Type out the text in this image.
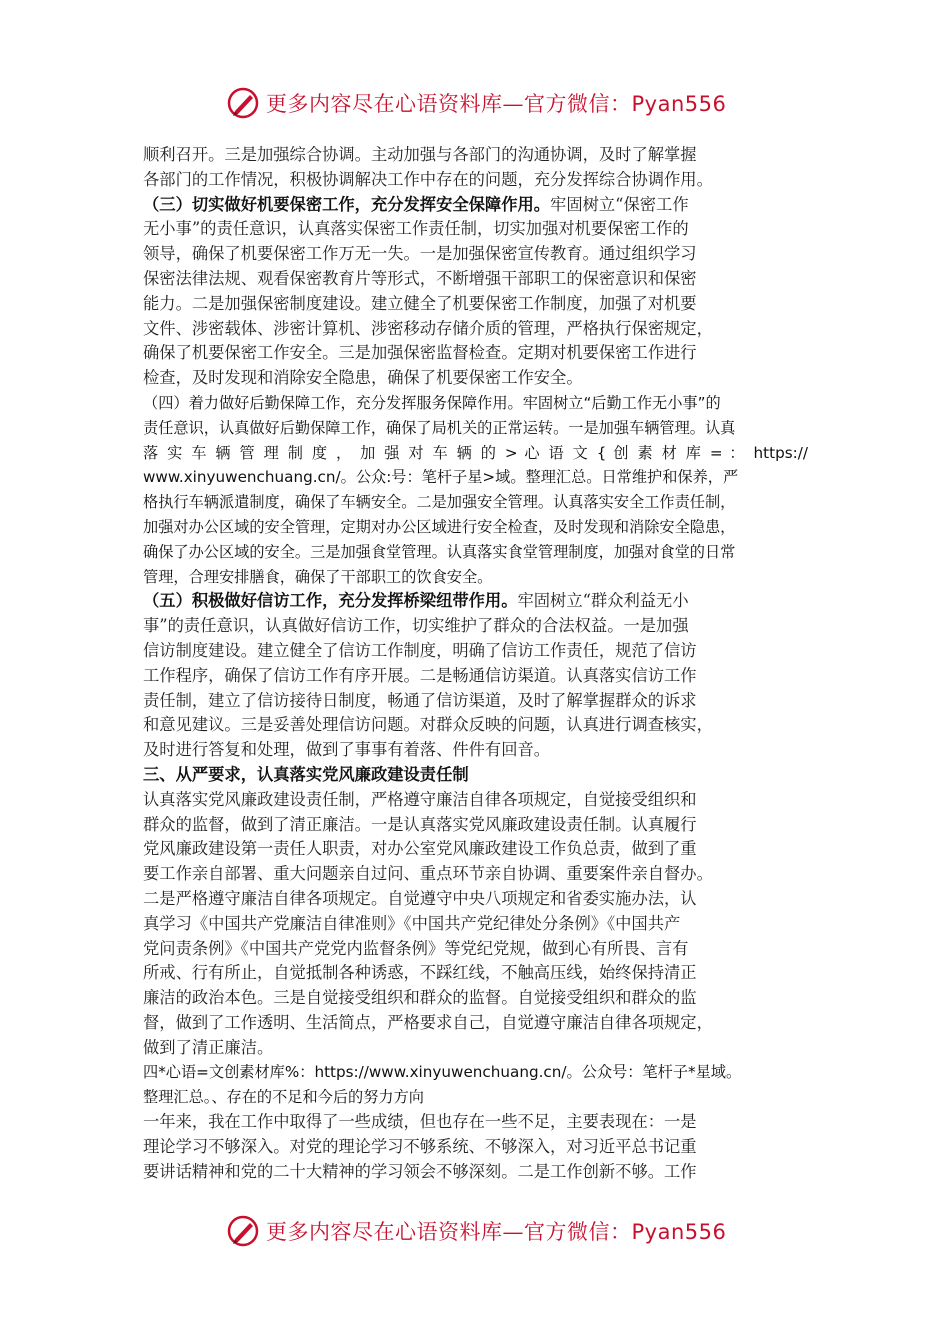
更多内容尽在心语资料库—官方微信：Pyan556
顺利召开。三是加强综合协调。主动加强与各部门的沟通协调，及时了解掌握
各部门的工作情况，积极协调解决工作中存在的问题，充分发挥综合协调作用。
（三）切实做好机要保密工作，充分发挥安全保障作用。牢固树立“保密工作
无小事”的责任意识，认真落实保密工作责任制，切实加强对机要保密工作的
领导，确保了机要保密工作万无一失。一是加强保密宣传教育。通过组织学习
保密法律法规、观看保密教育片等形式，不断增强干部职工的保密意识和保密
能力。二是加强保密制度建设。建立健全了机要保密工作制度，加强了对机要
文件、涉密载体、涉密计算机、涉密移动存储介质的管理，严格执行保密规定，
确保了机要保密工作安全。三是加强保密监督检查。定期对机要保密工作进行
检查，及时发现和消除安全隐患，确保了机要保密工作安全。
（四）着力做好后勤保障工作，充分发挥服务保障作用。牢固树立“后勤工作无小事”的
责任意识，认真做好后勤保障工作，确保了局机关的正常运转。一是加强车辆管理。认真
落 实 车 辆 管 理 制 度 ， 加 强 对 车 辆 的 > 心 语 文 { 创 素 材 库 = ： https://
www.xinyuwenchuang.cn/。公众:号：笔杆子星>域。整理汇总。日常维护和保养，严
格执行车辆派遣制度，确保了车辆安全。二是加强安全管理。认真落实安全工作责任制，
加强对办公区域的安全管理，定期对办公区域进行安全检查，及时发现和消除安全隐患，
确保了办公区域的安全。三是加强食堂管理。认真落实食堂管理制度，加强对食堂的日常
管理，合理安排膳食，确保了干部职工的饮食安全。
（五）积极做好信访工作，充分发挥桥梁纽带作用。牢固树立“群众利益无小
事”的责任意识，认真做好信访工作，切实维护了群众的合法权益。一是加强
信访制度建设。建立健全了信访工作制度，明确了信访工作责任，规范了信访
工作程序，确保了信访工作有序开展。二是畅通信访渠道。认真落实信访工作
责任制，建立了信访接待日制度，畅通了信访渠道，及时了解掌握群众的诉求
和意见建议。三是妥善处理信访问题。对群众反映的问题，认真进行调查核实，
及时进行答复和处理，做到了事事有着落、件件有回音。
三、从严要求，认真落实党风廉政建设责任制
认真落实党风廉政建设责任制，严格遵守廉洁自律各项规定，自觉接受组织和
群众的监督，做到了清正廉洁。一是认真落实党风廉政建设责任制。认真履行
党风廉政建设第一责任人职责，对办公室党风廉政建设工作负总责，做到了重
要工作亲自部署、重大问题亲自过问、重点环节亲自协调、重要案件亲自督办。
二是严格遵守廉洁自律各项规定。自觉遵守中央八项规定和省委实施办法，认
真学习《中国共产党廉洁自律准则》《中国共产党纪律处分条例》《中国共产
党问责条例》《中国共产党党内监督条例》等党纪党规，做到心有所畏、言有
所戒、行有所止，自觉抵制各种诱惑，不踩红线，不触高压线，始终保持清正
廉洁的政治本色。三是自觉接受组织和群众的监督。自觉接受组织和群众的监
督，做到了工作透明、生活简点，严格要求自己，自觉遵守廉洁自律各项规定，
做到了清正廉洁。
四*心语=文创素材库%：https://www.xinyuwenchuang.cn/。公众号：笔杆子*星域。
整理汇总。、存在的不足和今后的努力方向
一年来，我在工作中取得了一些成绩，但也存在一些不足，主要表现在：一是
理论学习不够深入。对党的理论学习不够系统、不够深入，对习近平总书记重
要讲话精神和党的二十大精神的学习领会不够深刻。二是工作创新不够。工作
更多内容尽在心语资料库—官方微信：Pyan556
